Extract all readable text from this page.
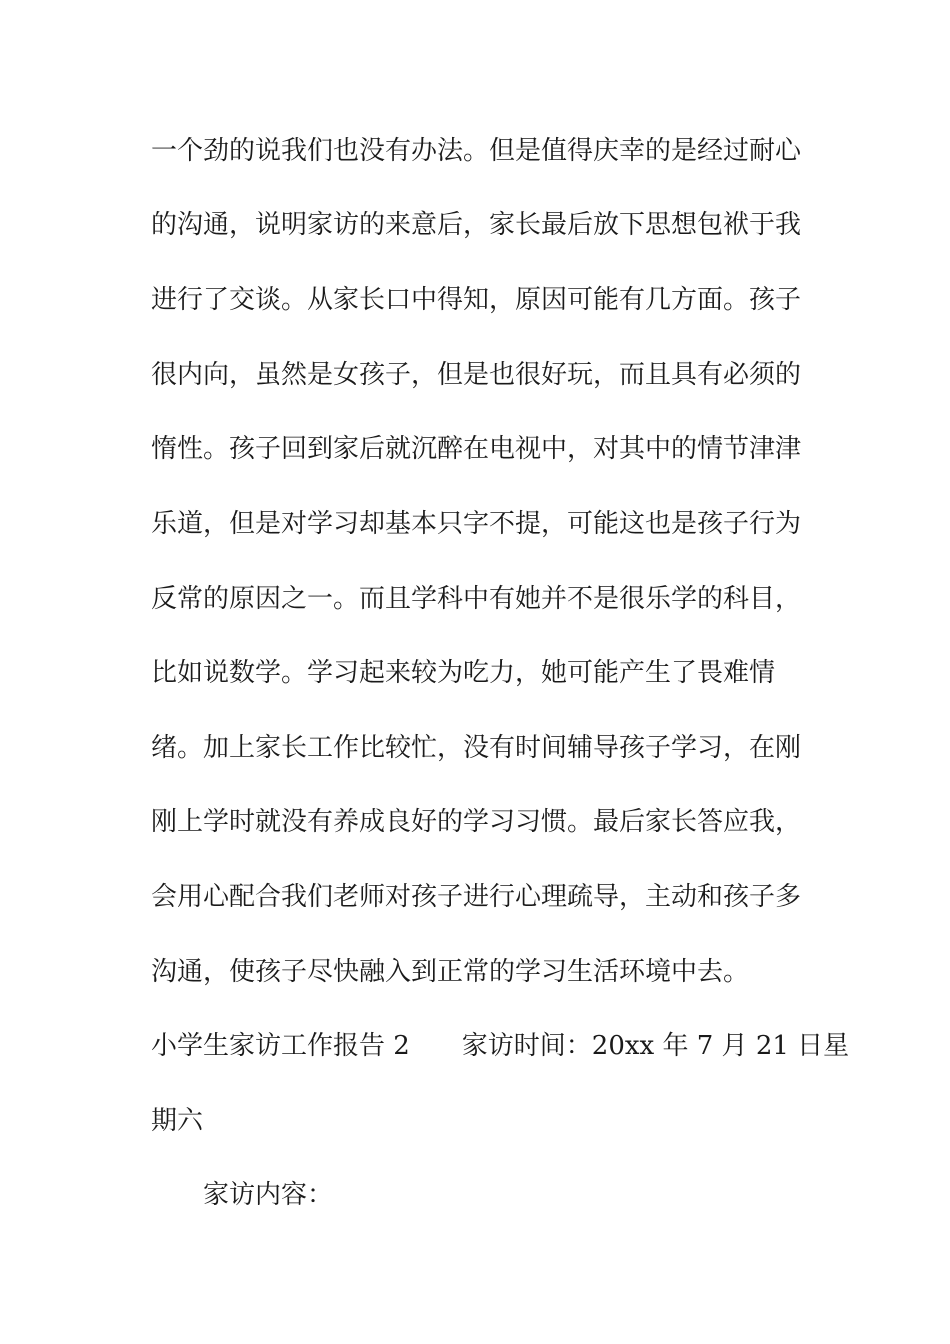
一个劲的说我们也没有办法。但是值得庆幸的是经过耐心
的沟通，说明家访的来意后，家长最后放下思想包袱于我
进行了交谈。从家长口中得知，原因可能有几方面。孩子
很内向，虽然是女孩子，但是也很好玩，而且具有必须的
惰性。孩子回到家后就沉醉在电视中，对其中的情节津津
乐道，但是对学习却基本只字不提，可能这也是孩子行为
反常的原因之一。而且学科中有她并不是很乐学的科目，
比如说数学。学习起来较为吃力，她可能产生了畏难情
绪。加上家长工作比较忙，没有时间辅导孩子学习，在刚
刚上学时就没有养成良好的学习习惯。最后家长答应我，
会用心配合我们老师对孩子进行心理疏导，主动和孩子多
沟通，使孩子尽快融入到正常的学习生活环境中去。
小学生家访工作报告 2　　家访时间：20xx 年 7 月 21 日星
期六
家访内容：
